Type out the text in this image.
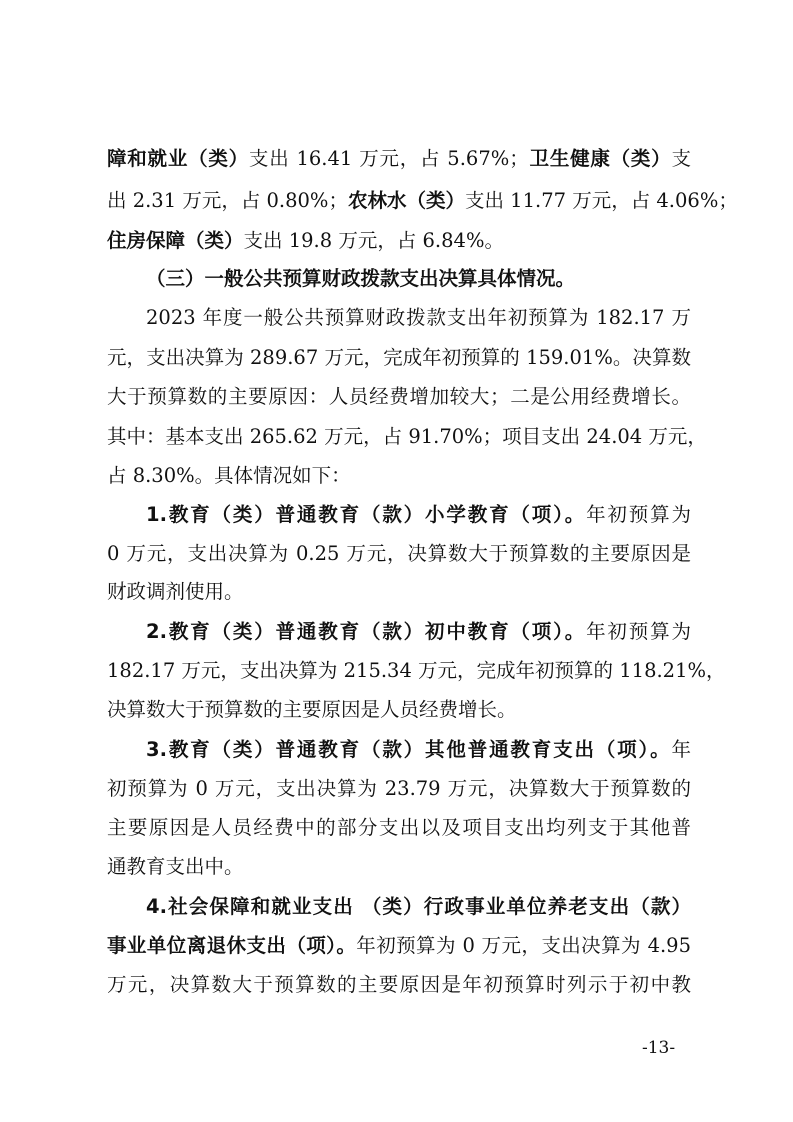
障和就业（类）支出 16.41 万元，占 5.67%；卫生健康（类）支
出 2.31 万元，占 0.80%；农林水（类）支出 11.77 万元，占 4.06%；
住房保障（类）支出 19.8 万元，占 6.84%。
（三）一般公共预算财政拨款支出决算具体情况。
2023 年度一般公共预算财政拨款支出年初预算为 182.17 万
元，支出决算为 289.67 万元，完成年初预算的 159.01%。决算数
大于预算数的主要原因：人员经费增加较大；二是公用经费增长。
其中：基本支出 265.62 万元，占 91.70%；项目支出 24.04 万元，
占 8.30%。具体情况如下：
1.教育（类）普通教育（款）小学教育（项）。年初预算为
0 万元，支出决算为 0.25 万元，决算数大于预算数的主要原因是
财政调剂使用。
2.教育（类）普通教育（款）初中教育（项）。年初预算为
182.17 万元，支出决算为 215.34 万元，完成年初预算的 118.21%，
决算数大于预算数的主要原因是人员经费增长。
3.教育（类）普通教育（款）其他普通教育支出（项）。年
初预算为 0 万元，支出决算为 23.79 万元，决算数大于预算数的
主要原因是人员经费中的部分支出以及项目支出均列支于其他普
通教育支出中。
4.社会保障和就业支出 （类）行政事业单位养老支出（款）
事业单位离退休支出（项）。年初预算为 0 万元，支出决算为 4.95
万元，决算数大于预算数的主要原因是年初预算时列示于初中教
-13-
